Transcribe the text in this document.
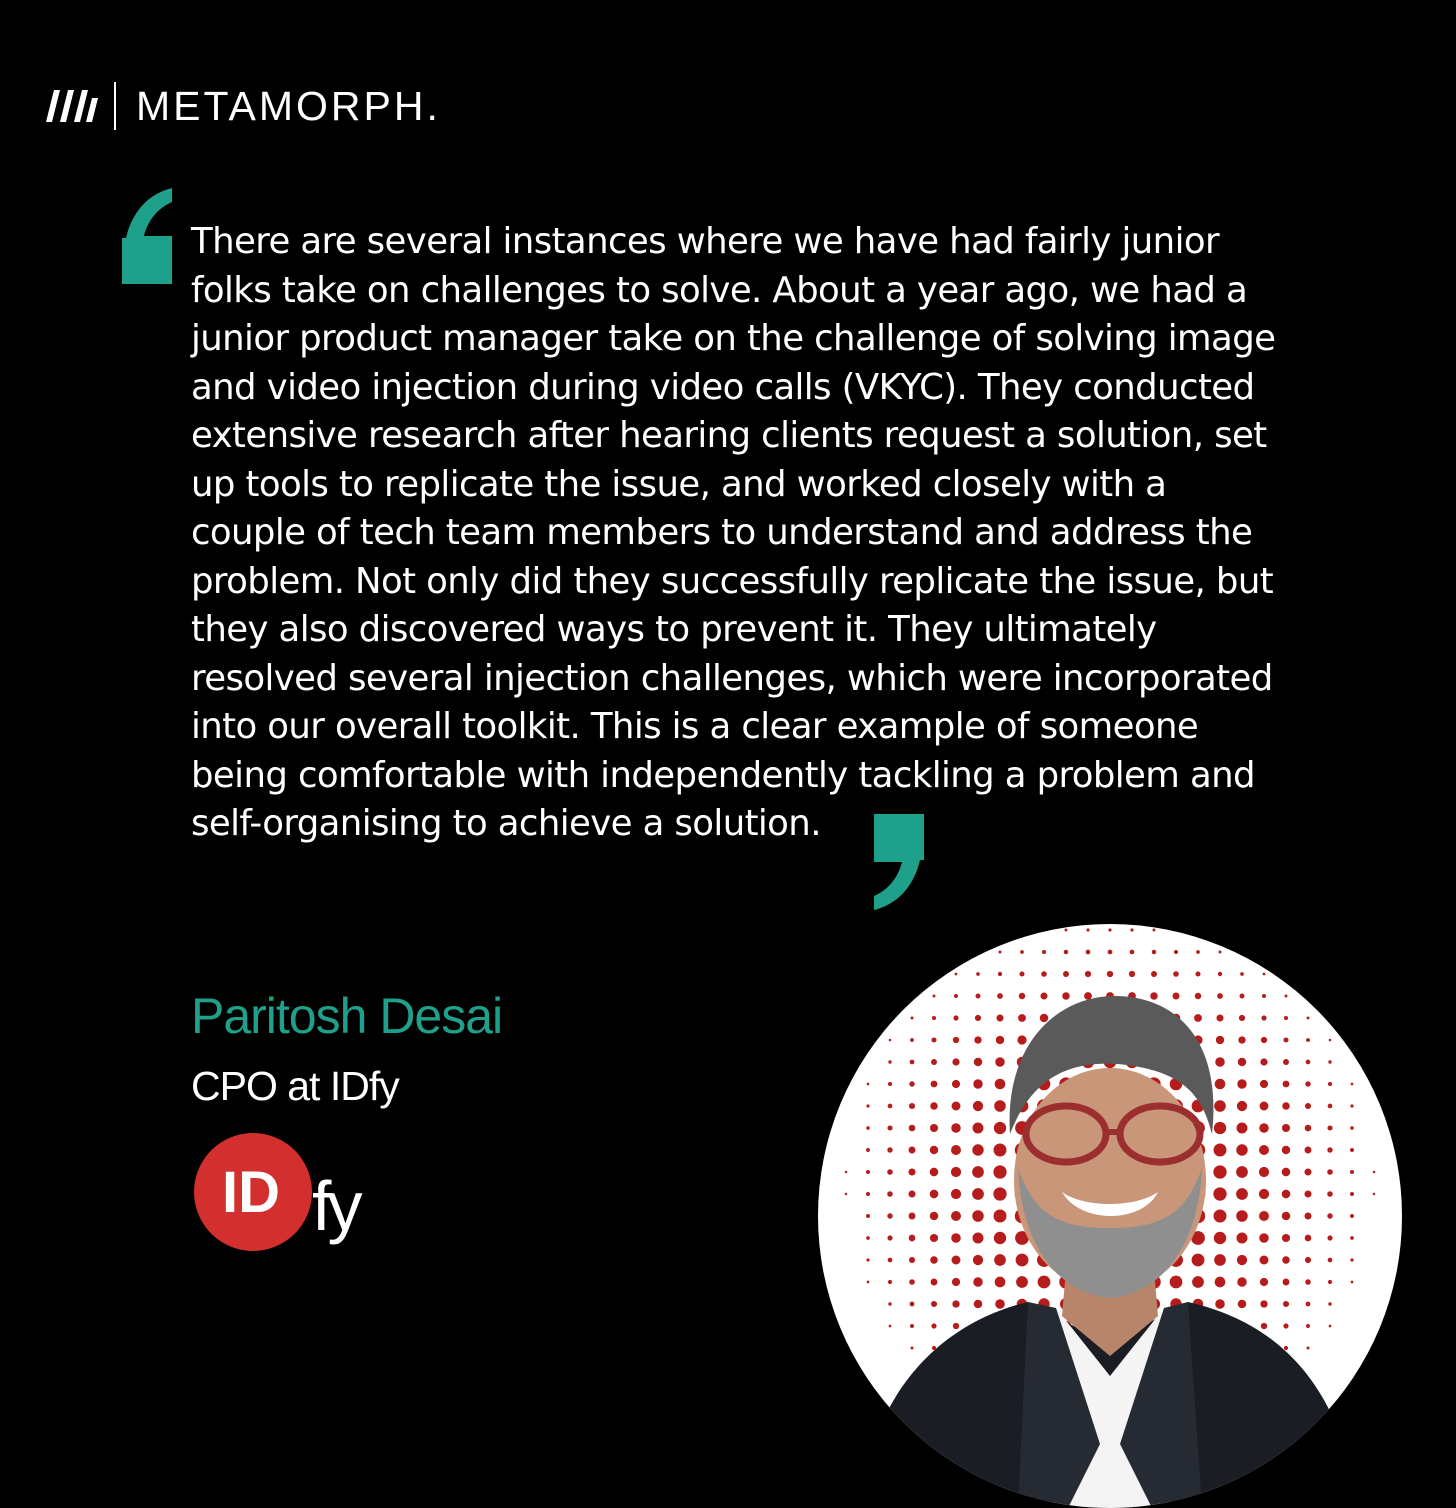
METAMORPH.
There are several instances where we have had fairly junior
folks take on challenges to solve. About a year ago, we had a
junior product manager take on the challenge of solving image
and video injection during video calls (VKYC). They conducted
extensive research after hearing clients request a solution, set
up tools to replicate the issue, and worked closely with a
couple of tech team members to understand and address the
problem. Not only did they successfully replicate the issue, but
they also discovered ways to prevent it. They ultimately
resolved several injection challenges, which were incorporated
into our overall toolkit. This is a clear example of someone
being comfortable with independently tackling a problem and
self-organising to achieve a solution.
Paritosh Desai
CPO at IDfy
ID fy
